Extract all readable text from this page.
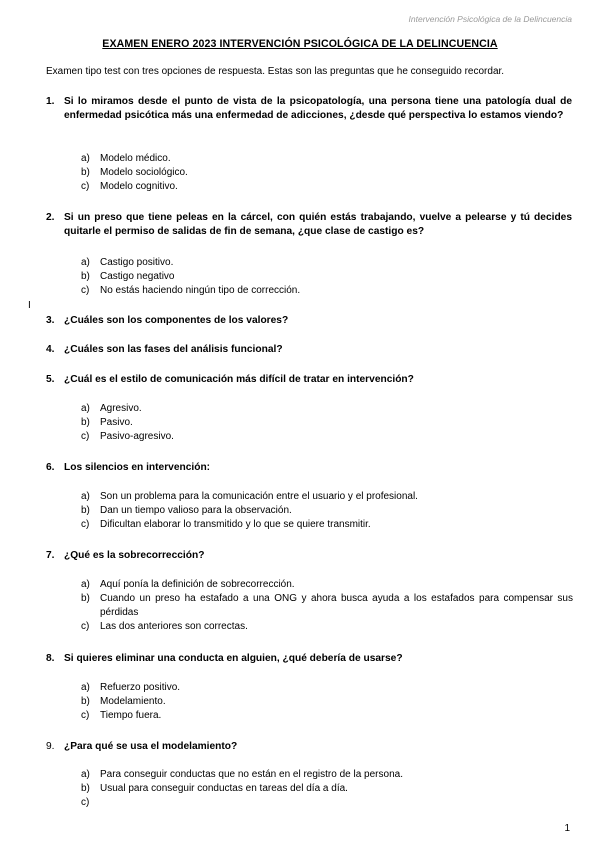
Intervención Psicológica de la Delincuencia
EXAMEN ENERO 2023 INTERVENCIÓN PSICOLÓGICA DE LA DELINCUENCIA
Examen tipo test con tres opciones de respuesta. Estas son las preguntas que he conseguido recordar.
1. Si lo miramos desde el punto de vista de la psicopatología, una persona tiene una patología dual de enfermedad psicótica más una enfermedad de adicciones, ¿desde qué perspectiva lo estamos viendo?
a) Modelo médico.
b) Modelo sociológico.
c) Modelo cognitivo.
2. Si un preso que tiene peleas en la cárcel, con quién estás trabajando, vuelve a pelearse y tú decides quitarle el permiso de salidas de fin de semana, ¿que clase de castigo es?
a) Castigo positivo.
b) Castigo negativo
c) No estás haciendo ningún tipo de corrección.
I
3. ¿Cuáles son los componentes de los valores?
4. ¿Cuáles son las fases del análisis funcional?
5. ¿Cuál es el estilo de comunicación más difícil de tratar en intervención?
a) Agresivo.
b) Pasivo.
c) Pasivo-agresivo.
6. Los silencios en intervención:
a) Son un problema para la comunicación entre el usuario y el profesional.
b) Dan un tiempo valioso para la observación.
c) Dificultan elaborar lo transmitido y lo que se quiere transmitir.
7. ¿Qué es la sobrecorrección?
a) Aquí ponía la definición de sobrecorrección.
b) Cuando un preso ha estafado a una ONG y ahora busca ayuda a los estafados para compensar sus pérdidas
c) Las dos anteriores son correctas.
8. Si quieres eliminar una conducta en alguien, ¿qué debería de usarse?
a) Refuerzo positivo.
b) Modelamiento.
c) Tiempo fuera.
9. ¿Para qué se usa el modelamiento?
a) Para conseguir conductas que no están en el registro de la persona.
b) Usual para conseguir conductas en tareas del día a día.
c)
1
